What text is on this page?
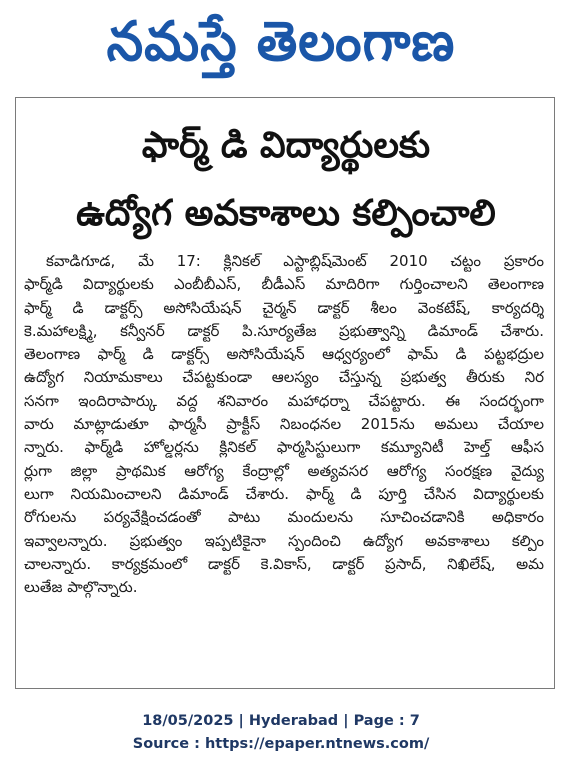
నమస్తే తెలంగాణ
ఫార్మ్ డి విద్యార్థులకు
ఉద్యోగ అవకాశాలు కల్పించాలి
కవాడిగూడ, మే 17: క్లినికల్ ఎస్టాబ్లిష్‌మెంట్ 2010 చట్టం ప్రకారం
ఫార్మ్‌డి విద్యార్థులకు ఎంబీబీఎస్, బీడీఎస్ మాదిరిగా గుర్తించాలని తెలంగాణ
ఫార్మ్ డి డాక్టర్స్ అసోసియేషన్ చైర్మన్ డాక్టర్ శీలం వెంకటేష్, కార్యదర్శి
కె.మహాలక్ష్మి, కన్వీనర్ డాక్టర్ పి.సూర్యతేజ ప్రభుత్వాన్ని డిమాండ్ చేశారు.
తెలంగాణ ఫార్మ్ డి డాక్టర్స్ అసోసియేషన్ ఆధ్వర్యంలో ఫామ్ డి పట్టభద్రుల
ఉద్యోగ నియామకాలు చేపట్టకుండా ఆలస్యం చేస్తున్న ప్రభుత్వ తీరుకు నిర
సనగా ఇందిరాపార్కు వద్ద శనివారం మహాధర్నా చేపట్టారు. ఈ సందర్భంగా
వారు మాట్లాడుతూ ఫార్మసీ ప్రాక్టీస్ నిబంధనల 2015ను అమలు చేయాల
న్నారు. ఫార్మ్‌డి హోల్డర్లను క్లినికల్ ఫార్మసిస్టులుగా కమ్యూనిటీ హెల్త్ ఆఫీస
ర్లుగా జిల్లా ప్రాథమిక ఆరోగ్య కేంద్రాల్లో అత్యవసర ఆరోగ్య సంరక్షణ వైద్యు
లుగా నియమించాలని డిమాండ్ చేశారు. ఫార్మ్ డి పూర్తి చేసిన విద్యార్థులకు
రోగులను పర్యవేక్షించడంతో పాటు మందులను సూచించడానికి అధికారం
ఇవ్వాలన్నారు. ప్రభుత్వం ఇప్పటికైనా స్పందించి ఉద్యోగ అవకాశాలు కల్పిం
చాలన్నారు. కార్యక్రమంలో డాక్టర్ కె.వికాస్, డాక్టర్ ప్రసాద్, నిఖిలేష్, అమ
లుతేజ పాల్గొన్నారు.
18/05/2025 | Hyderabad | Page : 7
Source : https://epaper.ntnews.com/
